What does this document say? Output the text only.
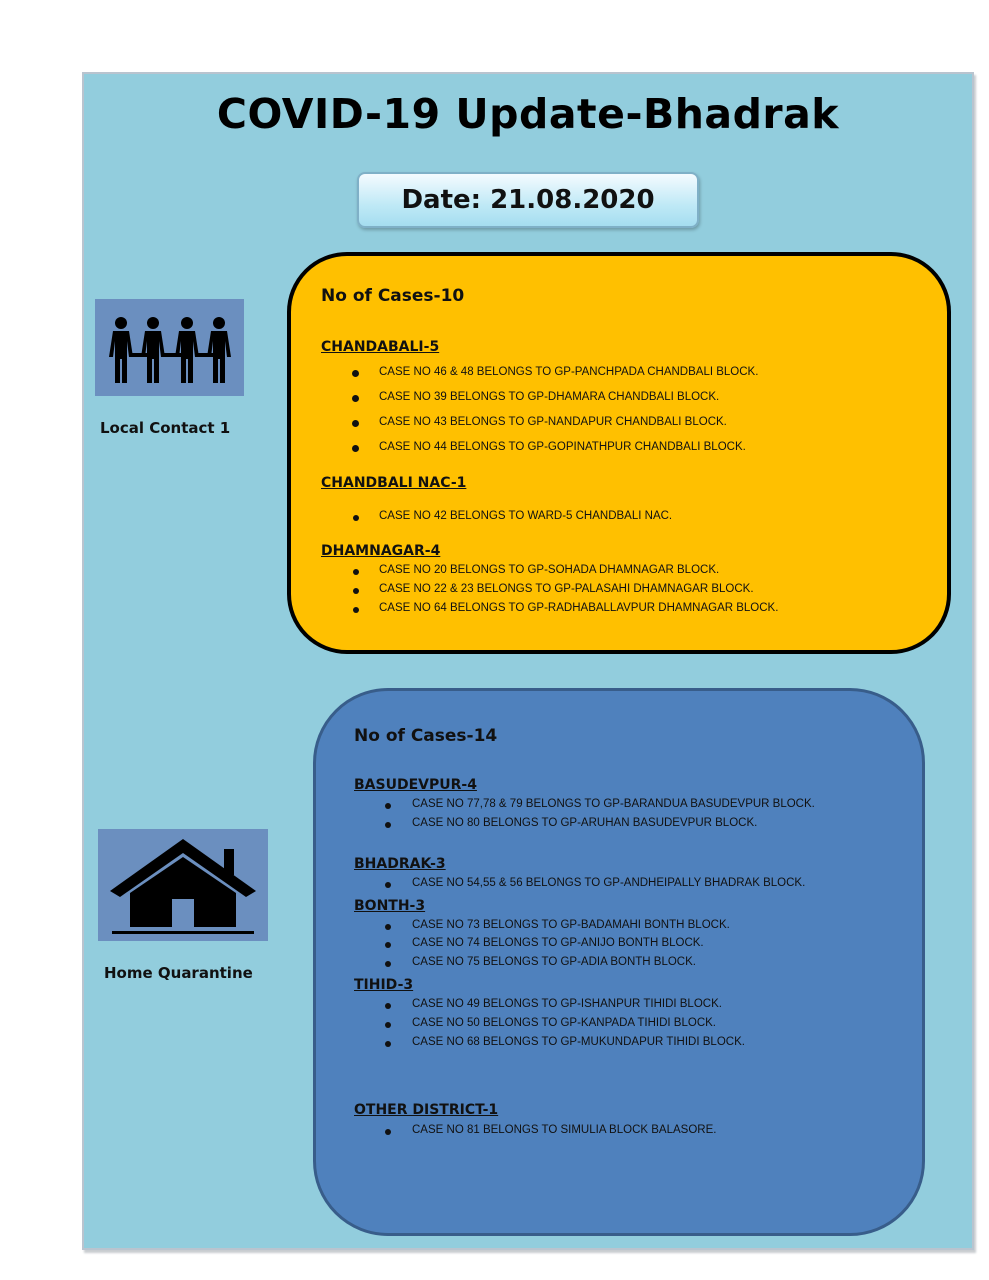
COVID-19 Update-Bhadrak
Date: 21.08.2020
Local Contact 1
Home Quarantine
No of Cases-10
CHANDABALI-5
CASE NO 46 & 48 BELONGS TO GP-PANCHPADA CHANDBALI BLOCK.
CASE NO 39 BELONGS TO GP-DHAMARA CHANDBALI BLOCK.
CASE NO 43 BELONGS TO GP-NANDAPUR CHANDBALI BLOCK.
CASE NO 44 BELONGS TO GP-GOPINATHPUR CHANDBALI BLOCK.
CHANDBALI NAC-1
CASE NO 42 BELONGS TO WARD-5 CHANDBALI NAC.
DHAMNAGAR-4
CASE NO 20 BELONGS TO GP-SOHADA DHAMNAGAR BLOCK.
CASE NO 22 & 23 BELONGS TO GP-PALASAHI DHAMNAGAR BLOCK.
CASE NO 64 BELONGS TO GP-RADHABALLAVPUR DHAMNAGAR BLOCK.
No of Cases-14
BASUDEVPUR-4
CASE NO 77,78 & 79 BELONGS TO GP-BARANDUA BASUDEVPUR BLOCK.
CASE NO 80 BELONGS TO GP-ARUHAN BASUDEVPUR BLOCK.
BHADRAK-3
CASE NO 54,55 & 56 BELONGS TO GP-ANDHEIPALLY BHADRAK BLOCK.
BONTH-3
CASE NO 73 BELONGS TO GP-BADAMAHI BONTH BLOCK.
CASE NO 74 BELONGS TO GP-ANIJO BONTH BLOCK.
CASE NO 75 BELONGS TO GP-ADIA BONTH BLOCK.
TIHID-3
CASE NO 49 BELONGS TO GP-ISHANPUR TIHIDI BLOCK.
CASE NO 50 BELONGS TO GP-KANPADA TIHIDI BLOCK.
CASE NO 68 BELONGS TO GP-MUKUNDAPUR TIHIDI BLOCK.
OTHER DISTRICT-1
CASE NO 81 BELONGS TO SIMULIA BLOCK BALASORE.
